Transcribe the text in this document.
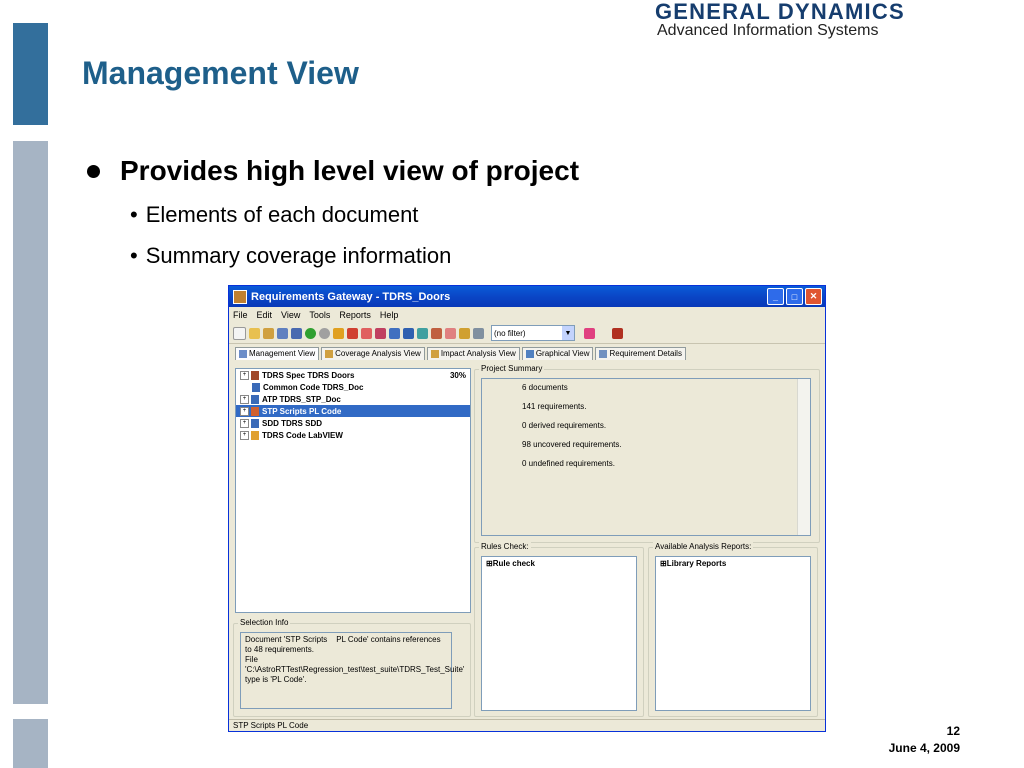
GENERAL DYNAMICS
Advanced Information Systems
Management View
Provides high level view of project
• Elements of each document
• Summary coverage information
12
June 4, 2009
Requirements Gateway - TDRS_Doors	_	□	✕
File Edit View Tools Reports Help
(no filter)	▼
Management View	Coverage Analysis View	Impact Analysis View	Graphical View	Requirement Details
+	TDRS Spec TDRS Doors	30%
Common Code TDRS_Doc
+	ATP TDRS_STP_Doc
+	STP Scripts PL Code
+	SDD TDRS SDD
+	TDRS Code LabVIEW
Selection Info
Document 'STP Scripts    PL Code' contains references to 48 requirements.
File 'C:\AstroRTTest\Regression_test\test_suite\TDRS_Test_Suite' type is 'PL Code'.
Project Summary
6 documents
141 requirements.
0 derived requirements.
98 uncovered requirements.
0 undefined requirements.
Rules Check:
⊞Rule check
Available Analysis Reports:
⊞Library Reports
STP Scripts PL Code
